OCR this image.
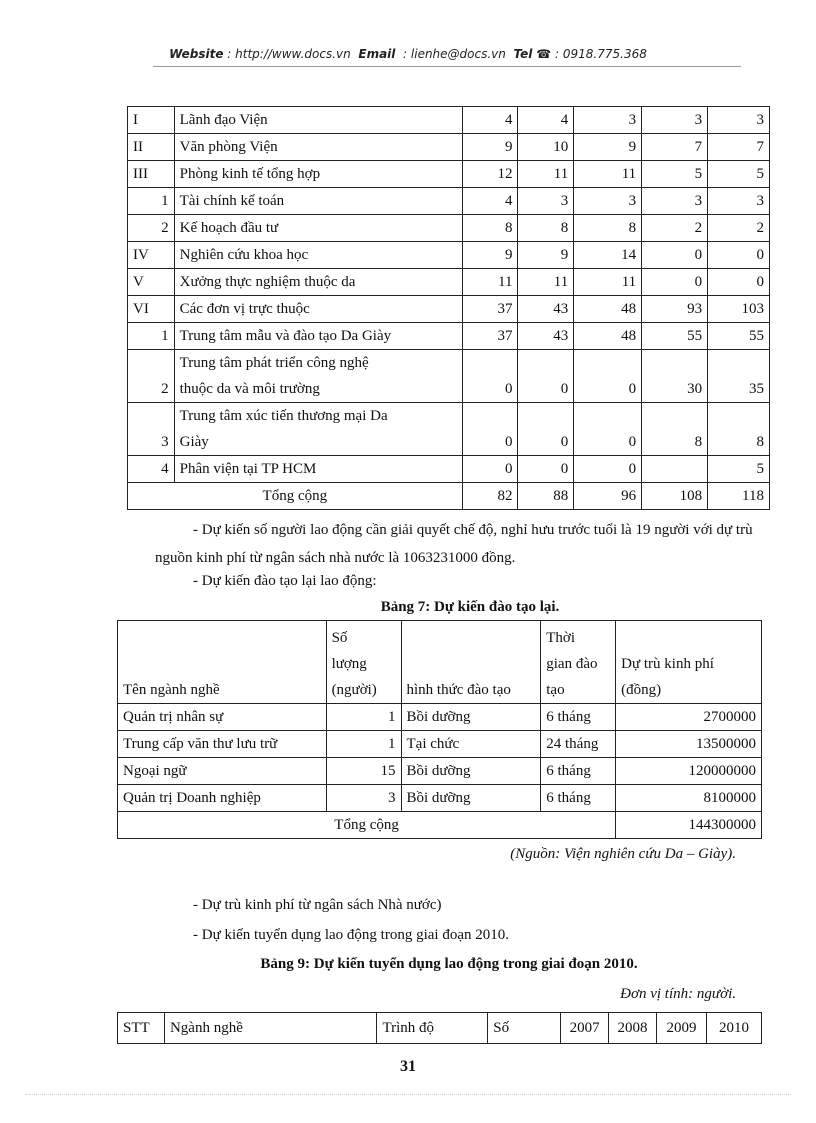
Website : http://www.docs.vn Email : lienhe@docs.vn Tel ☎ : 0918.775.368
I	Lãnh đạo Viện	4	4	3	3	3
II	Văn phòng Viện	9	10	9	7	7
III	Phòng kinh tế tổng hợp	12	11	11	5	5
1	Tài chính kế toán	4	3	3	3	3
2	Kế hoạch đầu tư	8	8	8	2	2
IV	Nghiên cứu khoa học	9	9	14	0	0
V	Xưởng thực nghiệm thuộc da	11	11	11	0	0
VI	Các đơn vị trực thuộc	37	43	48	93	103
1	Trung tâm mẫu và đào tạo Da Giày	37	43	48	55	55
2	Trung tâm phát triển công nghệ
thuộc da và môi trường	0	0	0	30	35
3	Trung tâm xúc tiến thương mại Da
Giày	0	0	0	8	8
4	Phân viện tại TP HCM	0	0	0		5
Tổng cộng		82	88	96	108	118
- Dự kiến số người lao động cần giải quyết chế độ, nghỉ hưu trước tuổi là 19 người với dự trù nguồn kinh phí từ ngân sách nhà nước là 1063231000 đồng.
- Dự kiến đào tạo lại lao động:
Bảng 7: Dự kiến đào tạo lại.
Tên ngành nghề	Số
lượng
(người)	hình thức đào tạo	Thời
gian đào
tạo	Dự trù kinh phí
(đồng)
Quản trị nhân sự	1	Bồi dưỡng	6 tháng	2700000
Trung cấp văn thư lưu trữ	1	Tại chức	24 tháng	13500000
Ngoại ngữ	15	Bồi dưỡng	6 tháng	120000000
Quản trị Doanh nghiệp	3	Bồi dưỡng	6 tháng	8100000
Tổng cộng				144300000
(Nguồn: Viện nghiên cứu Da – Giày).
- Dự trù kinh phí từ ngân sách Nhà nước)
- Dự kiến tuyển dụng lao động trong giai đoạn 2010.
Bảng 9: Dự kiến tuyển dụng lao động trong giai đoạn 2010.
Đơn vị tính: người.
STT	Ngành nghề	Trình độ	Số	2007	2008	2009	2010
31
